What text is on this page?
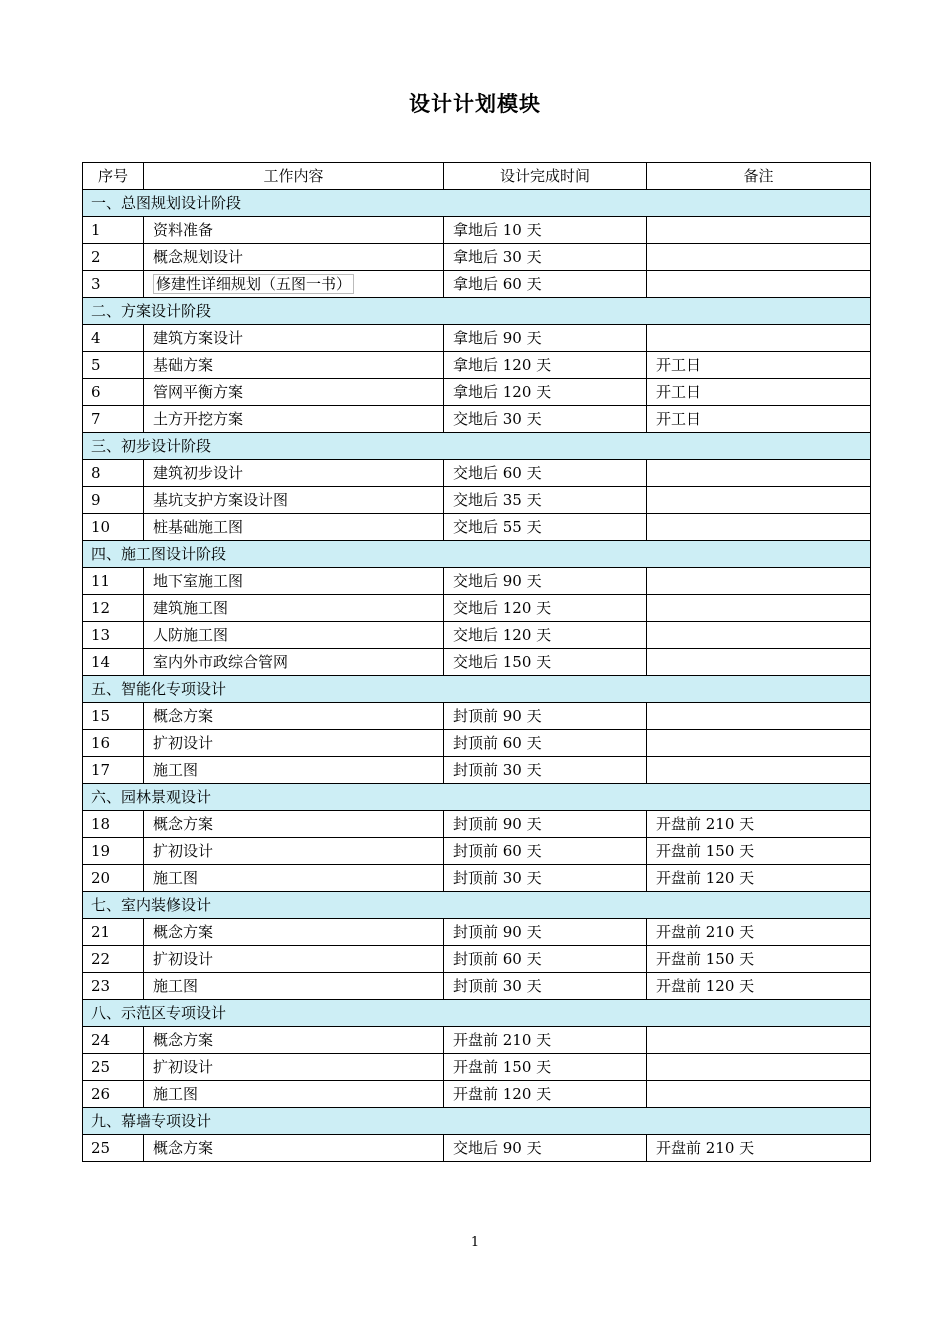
设计计划模块
序号	工作内容	设计完成时间	备注
一、总图规划设计阶段			
1	资料准备	拿地后 10 天	
2	概念规划设计	拿地后 30 天	
3	修建性详细规划（五图一书）	拿地后 60 天	
二、方案设计阶段			
4	建筑方案设计	拿地后 90 天	
5	基础方案	拿地后 120 天	开工日
6	管网平衡方案	拿地后 120 天	开工日
7	土方开挖方案	交地后 30 天	开工日
三、初步设计阶段			
8	建筑初步设计	交地后 60 天	
9	基坑支护方案设计图	交地后 35 天	
10	桩基础施工图	交地后 55 天	
四、施工图设计阶段			
11	地下室施工图	交地后 90 天	
12	建筑施工图	交地后 120 天	
13	人防施工图	交地后 120 天	
14	室内外市政综合管网	交地后 150 天	
五、智能化专项设计			
15	概念方案	封顶前 90 天	
16	扩初设计	封顶前 60 天	
17	施工图	封顶前 30 天	
六、园林景观设计			
18	概念方案	封顶前 90 天	开盘前 210 天
19	扩初设计	封顶前 60 天	开盘前 150 天
20	施工图	封顶前 30 天	开盘前 120 天
七、室内装修设计			
21	概念方案	封顶前 90 天	开盘前 210 天
22	扩初设计	封顶前 60 天	开盘前 150 天
23	施工图	封顶前 30 天	开盘前 120 天
八、示范区专项设计			
24	概念方案	开盘前 210 天	
25	扩初设计	开盘前 150 天	
26	施工图	开盘前 120 天	
九、幕墙专项设计			
25	概念方案	交地后 90 天	开盘前 210 天
1
